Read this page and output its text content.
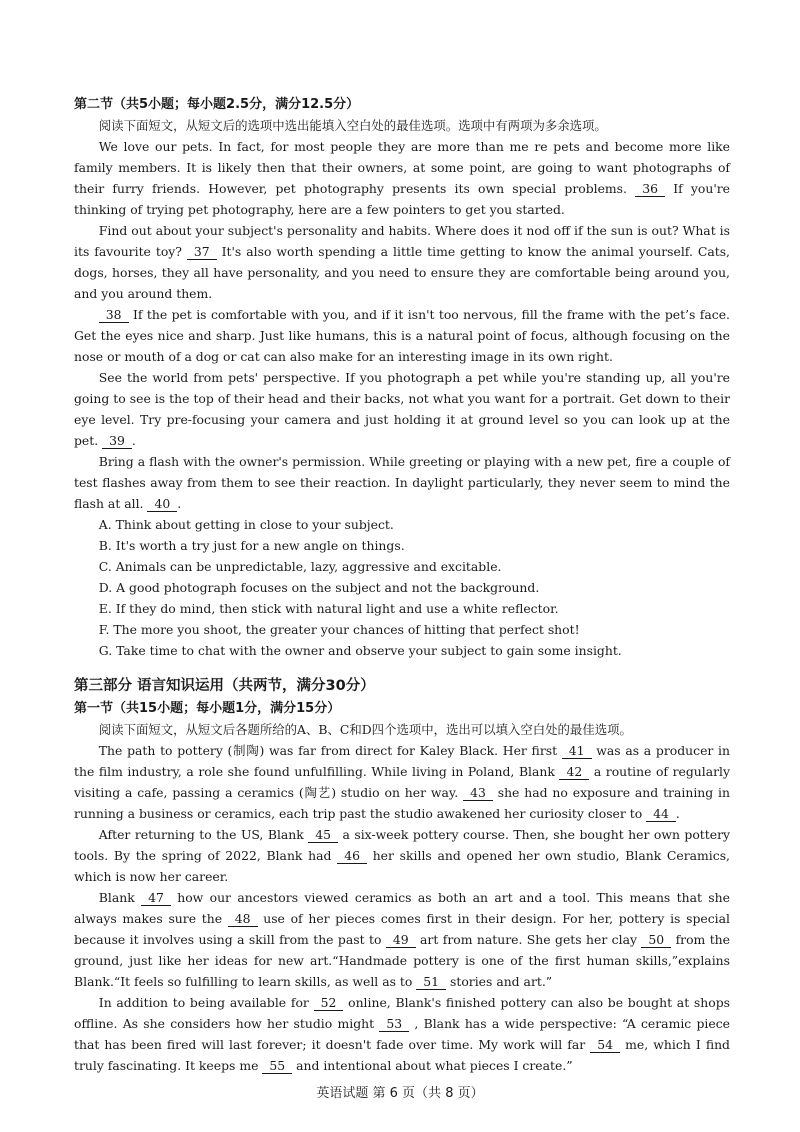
第二节（共5小题；每小题2.5分，满分12.5分）

阅读下面短文，从短文后的选项中选出能填入空白处的最佳选项。选项中有两项为多余选项。

We love our pets. In fact, for most people they are more than me re pets and become more like family members. It is likely then that their owners, at some point, are going to want photographs of their furry friends. However, pet photography presents its own special problems. 36 If you're thinking of trying pet photography, here are a few pointers to get you started.

Find out about your subject's personality and habits. Where does it nod off if the sun is out? What is its favourite toy? 37 It's also worth spending a little time getting to know the animal yourself. Cats, dogs, horses, they all have personality, and you need to ensure they are comfortable being around you, and you around them.

38 If the pet is comfortable with you, and if it isn't too nervous, fill the frame with the pet’s face. Get the eyes nice and sharp. Just like humans, this is a natural point of focus, although focusing on the nose or mouth of a dog or cat can also make for an interesting image in its own right.

See the world from pets' perspective. If you photograph a pet while you're standing up, all you're going to see is the top of their head and their backs, not what you want for a portrait. Get down to their eye level. Try pre-focusing your camera and just holding it at ground level so you can look up at the pet. 39 .

Bring a flash with the owner's permission. While greeting or playing with a new pet, fire a couple of test flashes away from them to see their reaction. In daylight particularly, they never seem to mind the flash at all. 40 .

A. Think about getting in close to your subject.

B. It's worth a try just for a new angle on things.

C. Animals can be unpredictable, lazy, aggressive and excitable.

D. A good photograph focuses on the subject and not the background.

E. If they do mind, then stick with natural light and use a white reflector.

F. The more you shoot, the greater your chances of hitting that perfect shot!

G. Take time to chat with the owner and observe your subject to gain some insight.

第三部分 语言知识运用（共两节，满分30分）

第一节（共15小题；每小题1分，满分15分）

阅读下面短文，从短文后各题所给的A、B、C和D四个选项中，选出可以填入空白处的最佳选项。

The path to pottery (制陶) was far from direct for Kaley Black. Her first 41 was as a producer in the film industry, a role she found unfulfilling. While living in Poland, Blank 42 a routine of regularly visiting a cafe, passing a ceramics (陶艺) studio on her way. 43 she had no exposure and training in running a business or ceramics, each trip past the studio awakened her curiosity closer to 44 .

After returning to the US, Blank 45 a six-week pottery course. Then, she bought her own pottery tools. By the spring of 2022, Blank had 46 her skills and opened her own studio, Blank Ceramics, which is now her career.

Blank 47 how our ancestors viewed ceramics as both an art and a tool. This means that she always makes sure the 48 use of her pieces comes first in their design. For her, pottery is special because it involves using a skill from the past to 49 art from nature. She gets her clay 50 from the ground, just like her ideas for new art.“Handmade pottery is one of the first human skills,”explains Blank.“It feels so fulfilling to learn skills, as well as to 51 stories and art.”

In addition to being available for 52 online, Blank's finished pottery can also be bought at shops offline. As she considers how her studio might 53 , Blank has a wide perspective: “A ceramic piece that has been fired will last forever; it doesn't fade over time. My work will far 54 me, which I find truly fascinating. It keeps me 55 and intentional about what pieces I create.”

英语试题 第 6 页（共 8 页）
